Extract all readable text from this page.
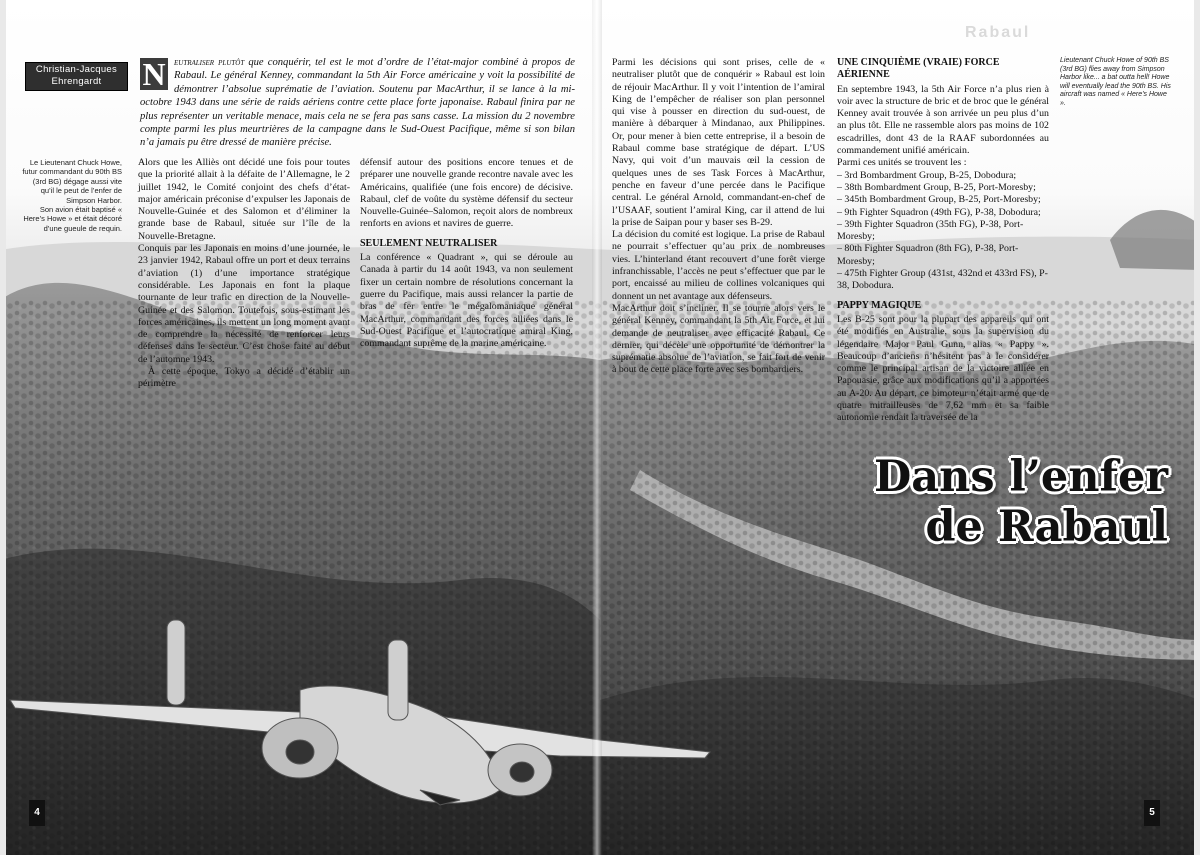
Rabaul
Christian-Jacques
Ehrengardt	N eutraliser plutôt que conquérir, tel est le mot d’ordre de l’état-major combiné à propos de Rabaul. Le général Kenney, commandant la 5th Air Force américaine y voit la possibilité de démontrer l’absolue suprématie de l’aviation. Soutenu par MacArthur, il se lance à la mi-octobre 1943 dans une série de raids aériens contre cette place forte japonaise. Rabaul finira par ne plus représenter un veritable menace, mais cela ne se fera pas sans casse. La mission du 2 novembre compte parmi les plus meurtrières de la campagne dans le Sud-Ouest Pacifique, même si son bilan n’a jamais pu être dressé de manière précise.
Le Lieutenant Chuck Howe, futur commandant du 90th BS (3rd BG) dégage aussi vite qu’il le peut de l’enfer de Simpson Harbor.
Son avion était baptisé « Here’s Howe » et était décoré d’une gueule de requin.
Lieutenant Chuck Howe of 90th BS (3rd BG) flies away from Simpson Harbor like... a bat outta hell! Howe will eventually lead the 90th BS. His aircraft was named « Here’s Howe ».

Alors que les Alliès ont décidé une fois pour toutes que la priorité allait à la défaite de l’Allemagne, le 2 juillet 1942, le Comité conjoint des chefs d’état-major américain préconise d’expulser les Japonais de Nouvelle-Guinée et des Salomon et d’éliminer la grande base de Rabaul, située sur l’île de la Nouvelle-Bretagne.

Conquis par les Japonais en moins d’une journée, le 23 janvier 1942, Rabaul offre un port et deux terrains d’aviation (1) d’une importance stratégique considérable. Les Japonais en font la plaque tournante de leur trafic en direction de la Nouvelle-Guinée et des Salomon. Toutefois, sous-estimant les forces américaines, ils mettent un long moment avant de comprendre la nécessité de renforcer leurs défenses dans le secteur. C’est chose faite au début de l’automne 1943.

À cette époque, Tokyo a décidé d’établir un périmètre

défensif autour des positions encore tenues et de préparer une nouvelle grande recontre navale avec les Américains, qualifiée (une fois encore) de décisive. Rabaul, clef de voûte du système défensif du secteur Nouvelle-Guinée–Salomon, reçoit alors de nombreux renforts en avions et navires de guerre.

SEULEMENT NEUTRALISER

La conférence « Quadrant », qui se déroule au Canada à partir du 14 août 1943, va non seulement fixer un certain nombre de résolutions concernant la guerre du Pacifique, mais aussi relancer la partie de bras de fer entre le mégalomaniaque général MacArthur, commandant des forces alliées dans le Sud-Ouest Pacifique et l’autocratique amiral King, commandant suprême de la marine américaine.

Parmi les décisions qui sont prises, celle de « neutraliser plutôt que de conquérir » Rabaul est loin de réjouir MacArthur. Il y voit l’intention de l’amiral King de l’empêcher de réaliser son plan personnel qui vise à pousser en direction du sud-ouest, de manière à débarquer à Mindanao, aux Philippines. Or, pour mener à bien cette entreprise, il a besoin de Rabaul comme base stratégique de départ. L’US Navy, qui voit d’un mauvais œil la cession de quelques unes de ses Task Forces à MacArthur, penche en faveur d’une percée dans le Pacifique central. Le général Arnold, commandant-en-chef de l’USAAF, soutient l’amiral King, car il attend de lui la prise de Saipan pour y baser ses B-29.

La décision du comité est logique. La prise de Rabaul ne pourrait s’effectuer qu’au prix de nombreuses vies. L’hinterland étant recouvert d’une forêt vierge infranchissable, l’accès ne peut s’effectuer que par le port, encaissé au milieu de collines volcaniques qui donnent un net avantage aux défenseurs.

MacArthur doit s’incliner. Il se tourne alors vers le général Kenney, commandant la 5th Air Force, et lui demande de neutraliser avec efficacité Rabaul. Ce dernier, qui décèle une opportunité de démontrer la suprématie absolue de l’aviation, se fait fort de venir à bout de cette place forte avec ses bombardiers.

UNE CINQUIÈME (VRAIE) FORCE AÉRIENNE

En septembre 1943, la 5th Air Force n’a plus rien à voir avec la structure de bric et de broc que le général Kenney avait trouvée à son arrivée un peu plus d’un an plus tôt. Elle ne rassemble alors pas moins de 102 escadrilles, dont 43 de la RAAF subordonnées au commandement unifié américain.

Parmi ces unités se trouvent les :

– 3rd Bombardment Group, B-25, Dobodura;
– 38th Bombardment Group, B-25, Port-Moresby;
– 345th Bombardment Group, B-25, Port-Moresby;
– 9th Fighter Squadron (49th FG), P-38, Dobodura;
– 39th Fighter Squadron (35th FG), P-38, Port-Moresby;
– 80th Fighter Squadron (8th FG), P-38, Port-Moresby;
– 475th Fighter Group (431st, 432nd et 433rd FS), P-38, Dobodura.
PAPPY MAGIQUE

Les B-25 sont pour la plupart des appareils qui ont été modifiés en Australie, sous la supervision du légendaire Major Paul Gunn, alias « Pappy ». Beaucoup d’anciens n’hésitent pas à le considérer comme le principal artisan de la victoire alliée en Papouasie, grâce aux modifications qu’il a apportées au A-20. Au départ, ce bimoteur n’était armé que de quatre mitrailleuses de 7,62 mm et sa faible autonomie rendait la traversée de la

Dans l’enfer
de Rabaul
4	5
